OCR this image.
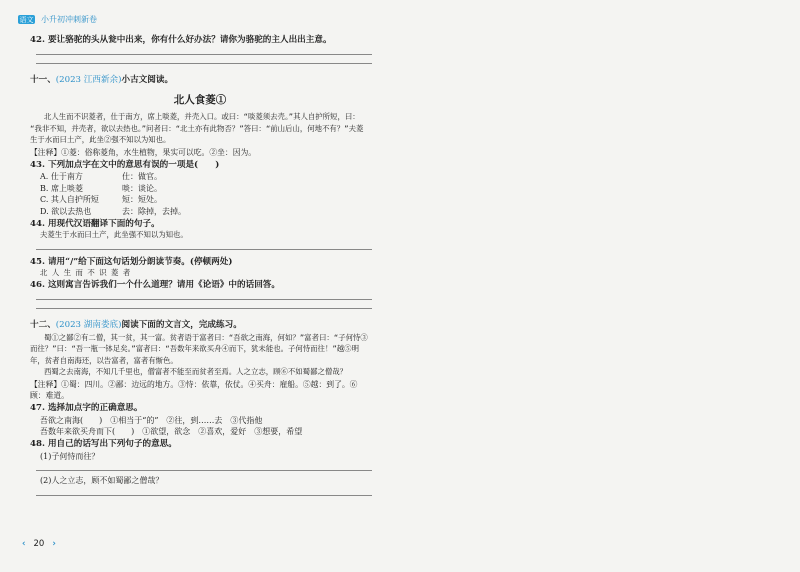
语文 小升初冲刺新卷

42. 要让骆驼的头从瓮中出来，你有什么好办法？请你为骆驼的主人出出主意。

十一、(2023 江西新余)小古文阅读。
北人食菱①

北人生而不识菱者，仕于南方，席上啖菱，并壳入口。或曰：“啖菱须去壳。”其人自护所短，曰：

“我非不知，并壳者，欲以去热也。”问者曰：“北土亦有此物否？”答曰：“前山后山，何地不有？”夫菱
生于水而曰土产，此坐②强不知以为知也。
【注释】①菱：俗称菱角，水生植物，果实可以吃。②坐：因为。

43. 下列加点字在文中的意思有误的一项是(　　)

A. 仕于南方	仕：做官。
B. 席上啖菱	啖：谈论。
C. 其人自护所短	短：短处。
D. 欲以去热也	去：除掉，去掉。

44. 用现代汉语翻译下面的句子。

夫菱生于水而曰土产，此坐强不知以为知也。

45. 请用“/”给下面这句话划分朗读节奏。(停顿两处)

北 人 生 而 不 识 菱 者

46. 这则寓言告诉我们一个什么道理？请用《论语》中的话回答。

十二、(2023 湖南娄底)阅读下面的文言文，完成练习。

蜀①之鄙②有二僧，其一贫，其一富。贫者语于富者曰：“吾欲之南海，何如？”富者曰：“子何恃③

而往？”曰：“吾一瓶一钵足矣。”富者曰：“吾数年来欲买舟④而下，犹未能也。子何恃而往！”越⑤明
年，贫者自南海还，以告富者，富者有惭色。

西蜀之去南海，不知几千里也，僧富者不能至而贫者至焉。人之立志，顾⑥不如蜀鄙之僧哉？

【注释】①蜀：四川。②鄙：边远的地方。③恃：依靠，依仗。④买舟：雇船。⑤越：到了。⑥顾：难道。

47. 选择加点字的正确意思。

吾欲之南海(　　)　①相当于“的”　②往，到……去　③代指他
吾数年来欲买舟而下(　　)　①欲望，欲念　②喜欢，爱好　③想要，希望

48. 用自己的话写出下列句子的意思。

(1)子何恃而往？
(2)人之立志，顾不如蜀鄙之僧哉？
‹ 20 ›
